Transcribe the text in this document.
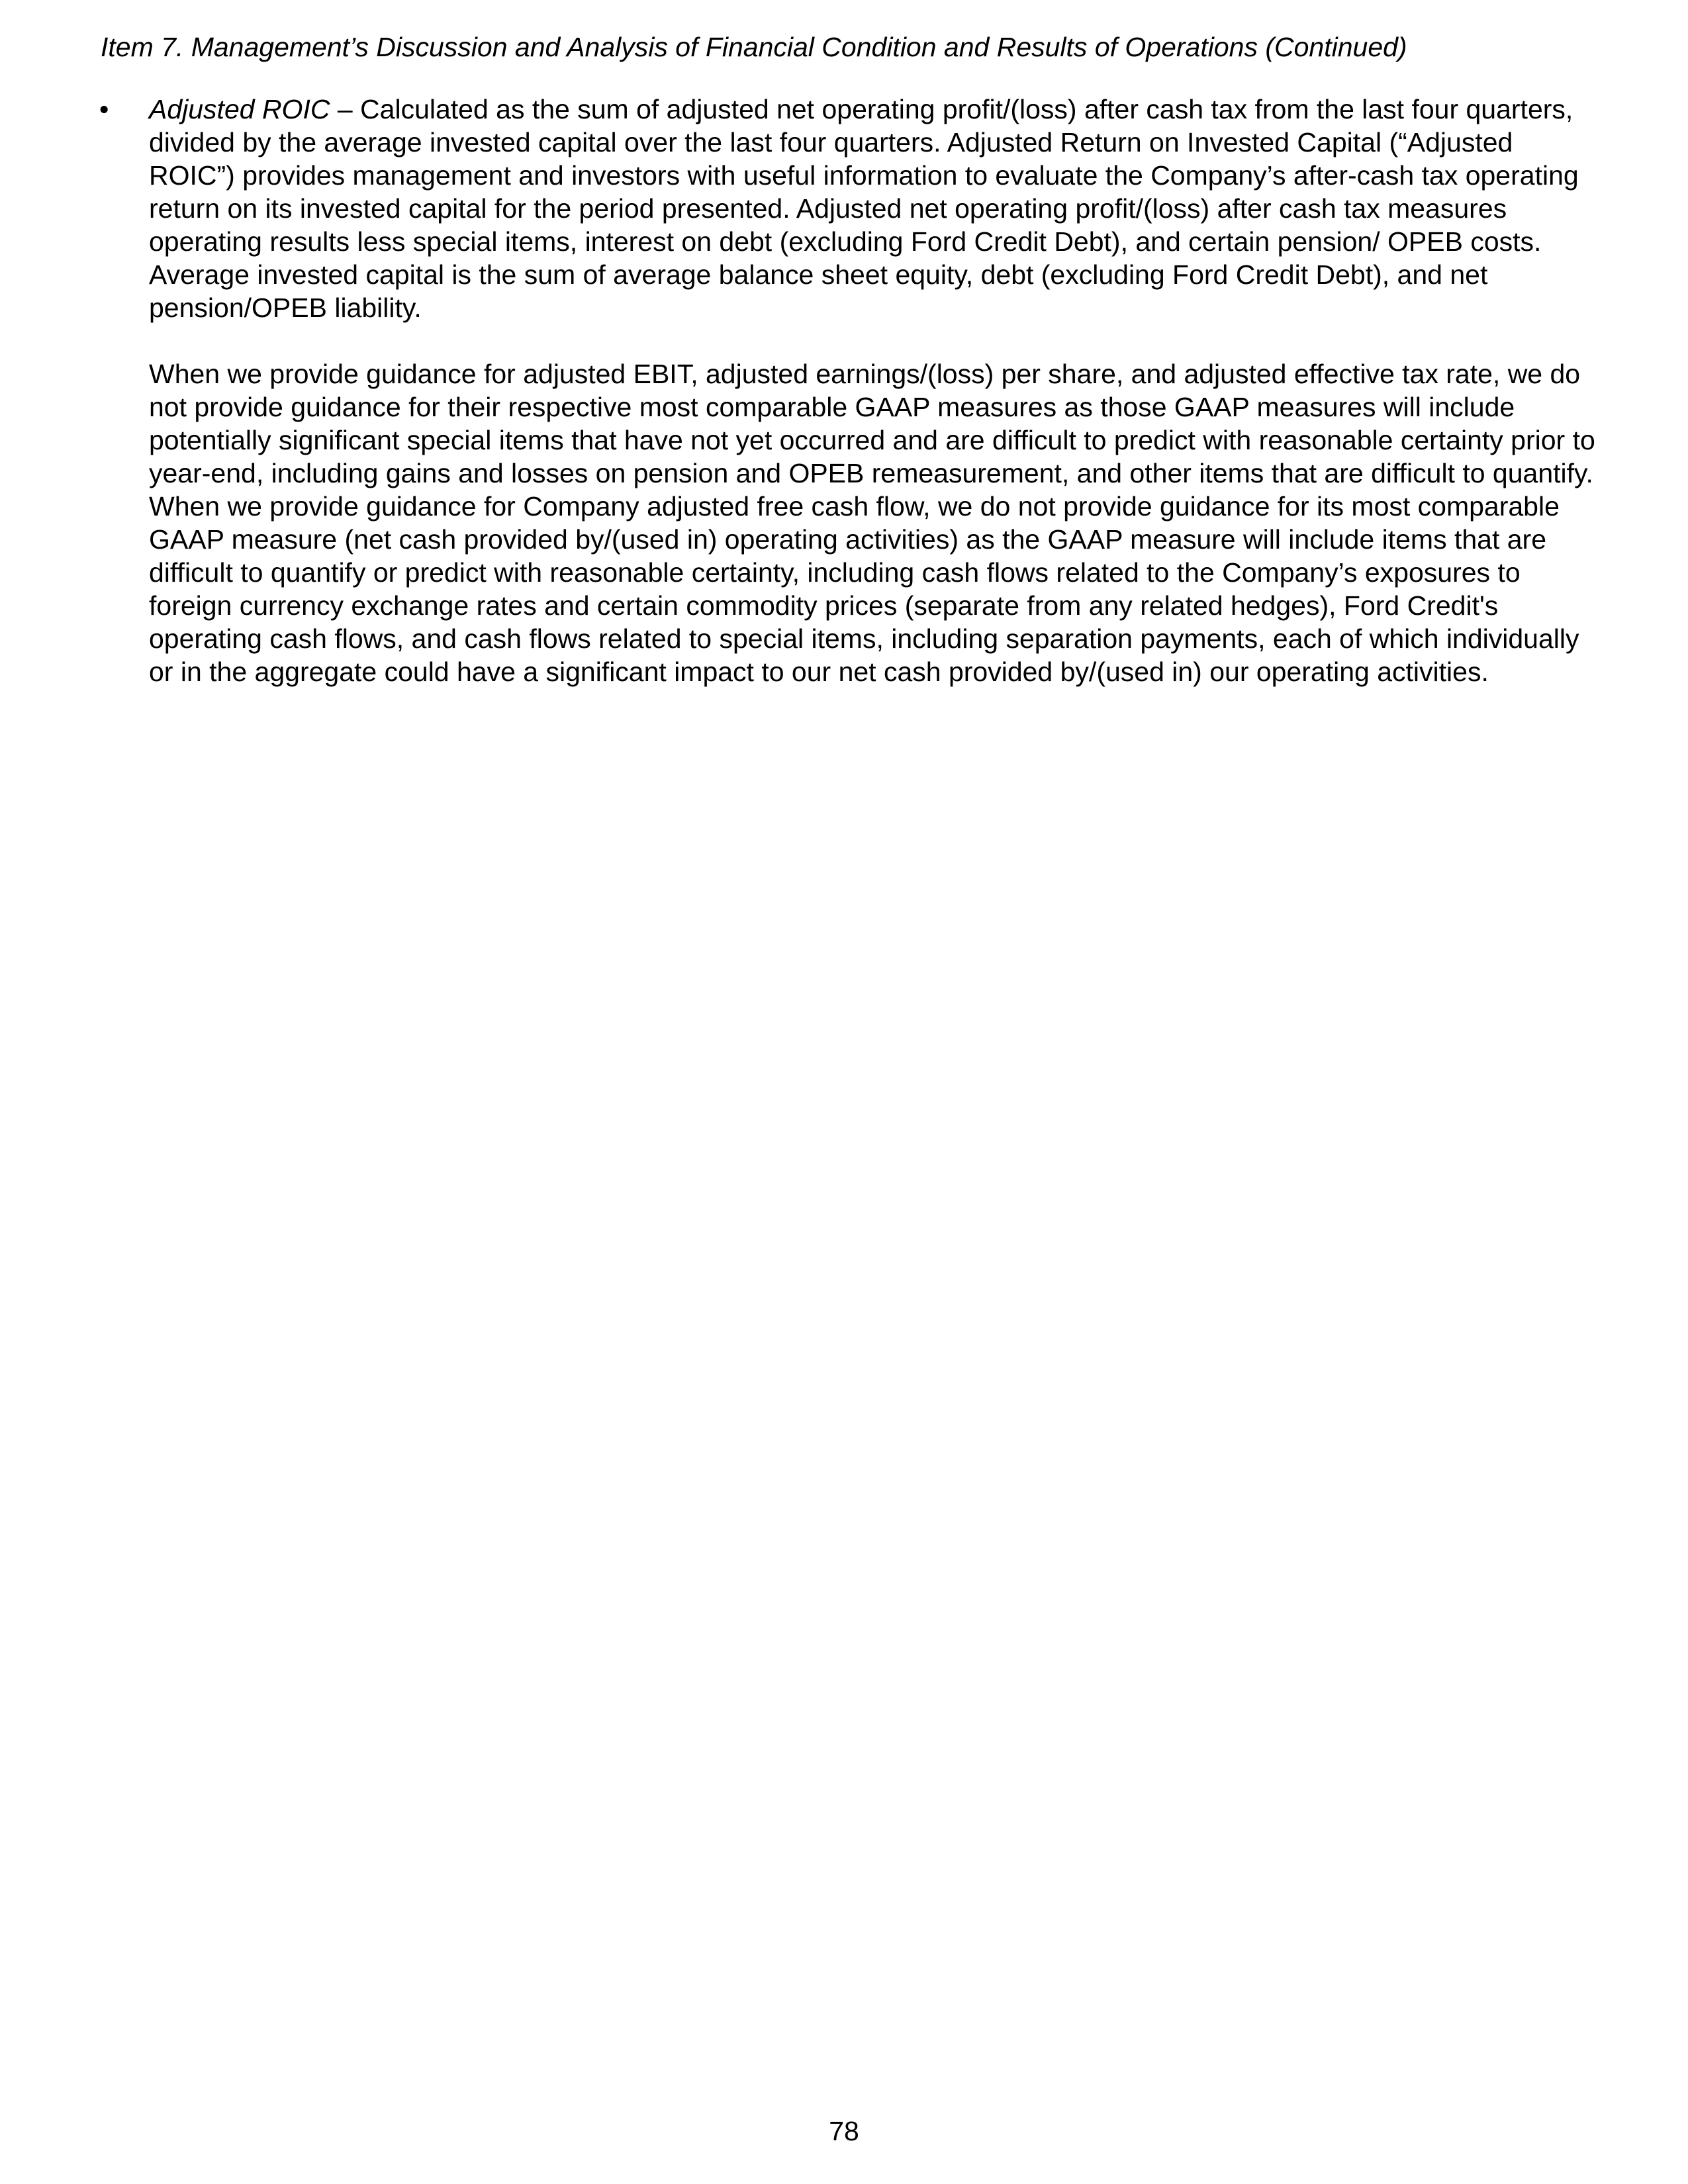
Item 7. Management’s Discussion and Analysis of Financial Condition and Results of Operations (Continued)
• Adjusted ROIC – Calculated as the sum of adjusted net operating profit/(loss) after cash tax from the last four quarters, divided by the average invested capital over the last four quarters. Adjusted Return on Invested Capital (“Adjusted ROIC”) provides management and investors with useful information to evaluate the Company’s after-cash tax operating return on its invested capital for the period presented. Adjusted net operating profit/(loss) after cash tax measures operating results less special items, interest on debt (excluding Ford Credit Debt), and certain pension/ OPEB costs. Average invested capital is the sum of average balance sheet equity, debt (excluding Ford Credit Debt), and net pension/OPEB liability.

When we provide guidance for adjusted EBIT, adjusted earnings/(loss) per share, and adjusted effective tax rate, we do not provide guidance for their respective most comparable GAAP measures as those GAAP measures will include potentially significant special items that have not yet occurred and are difficult to predict with reasonable certainty prior to year-end, including gains and losses on pension and OPEB remeasurement, and other items that are difficult to quantify. When we provide guidance for Company adjusted free cash flow, we do not provide guidance for its most comparable GAAP measure (net cash provided by/(used in) operating activities) as the GAAP measure will include items that are difficult to quantify or predict with reasonable certainty, including cash flows related to the Company’s exposures to foreign currency exchange rates and certain commodity prices (separate from any related hedges), Ford Credit's operating cash flows, and cash flows related to special items, including separation payments, each of which individually or in the aggregate could have a significant impact to our net cash provided by/(used in) our operating activities.

78
